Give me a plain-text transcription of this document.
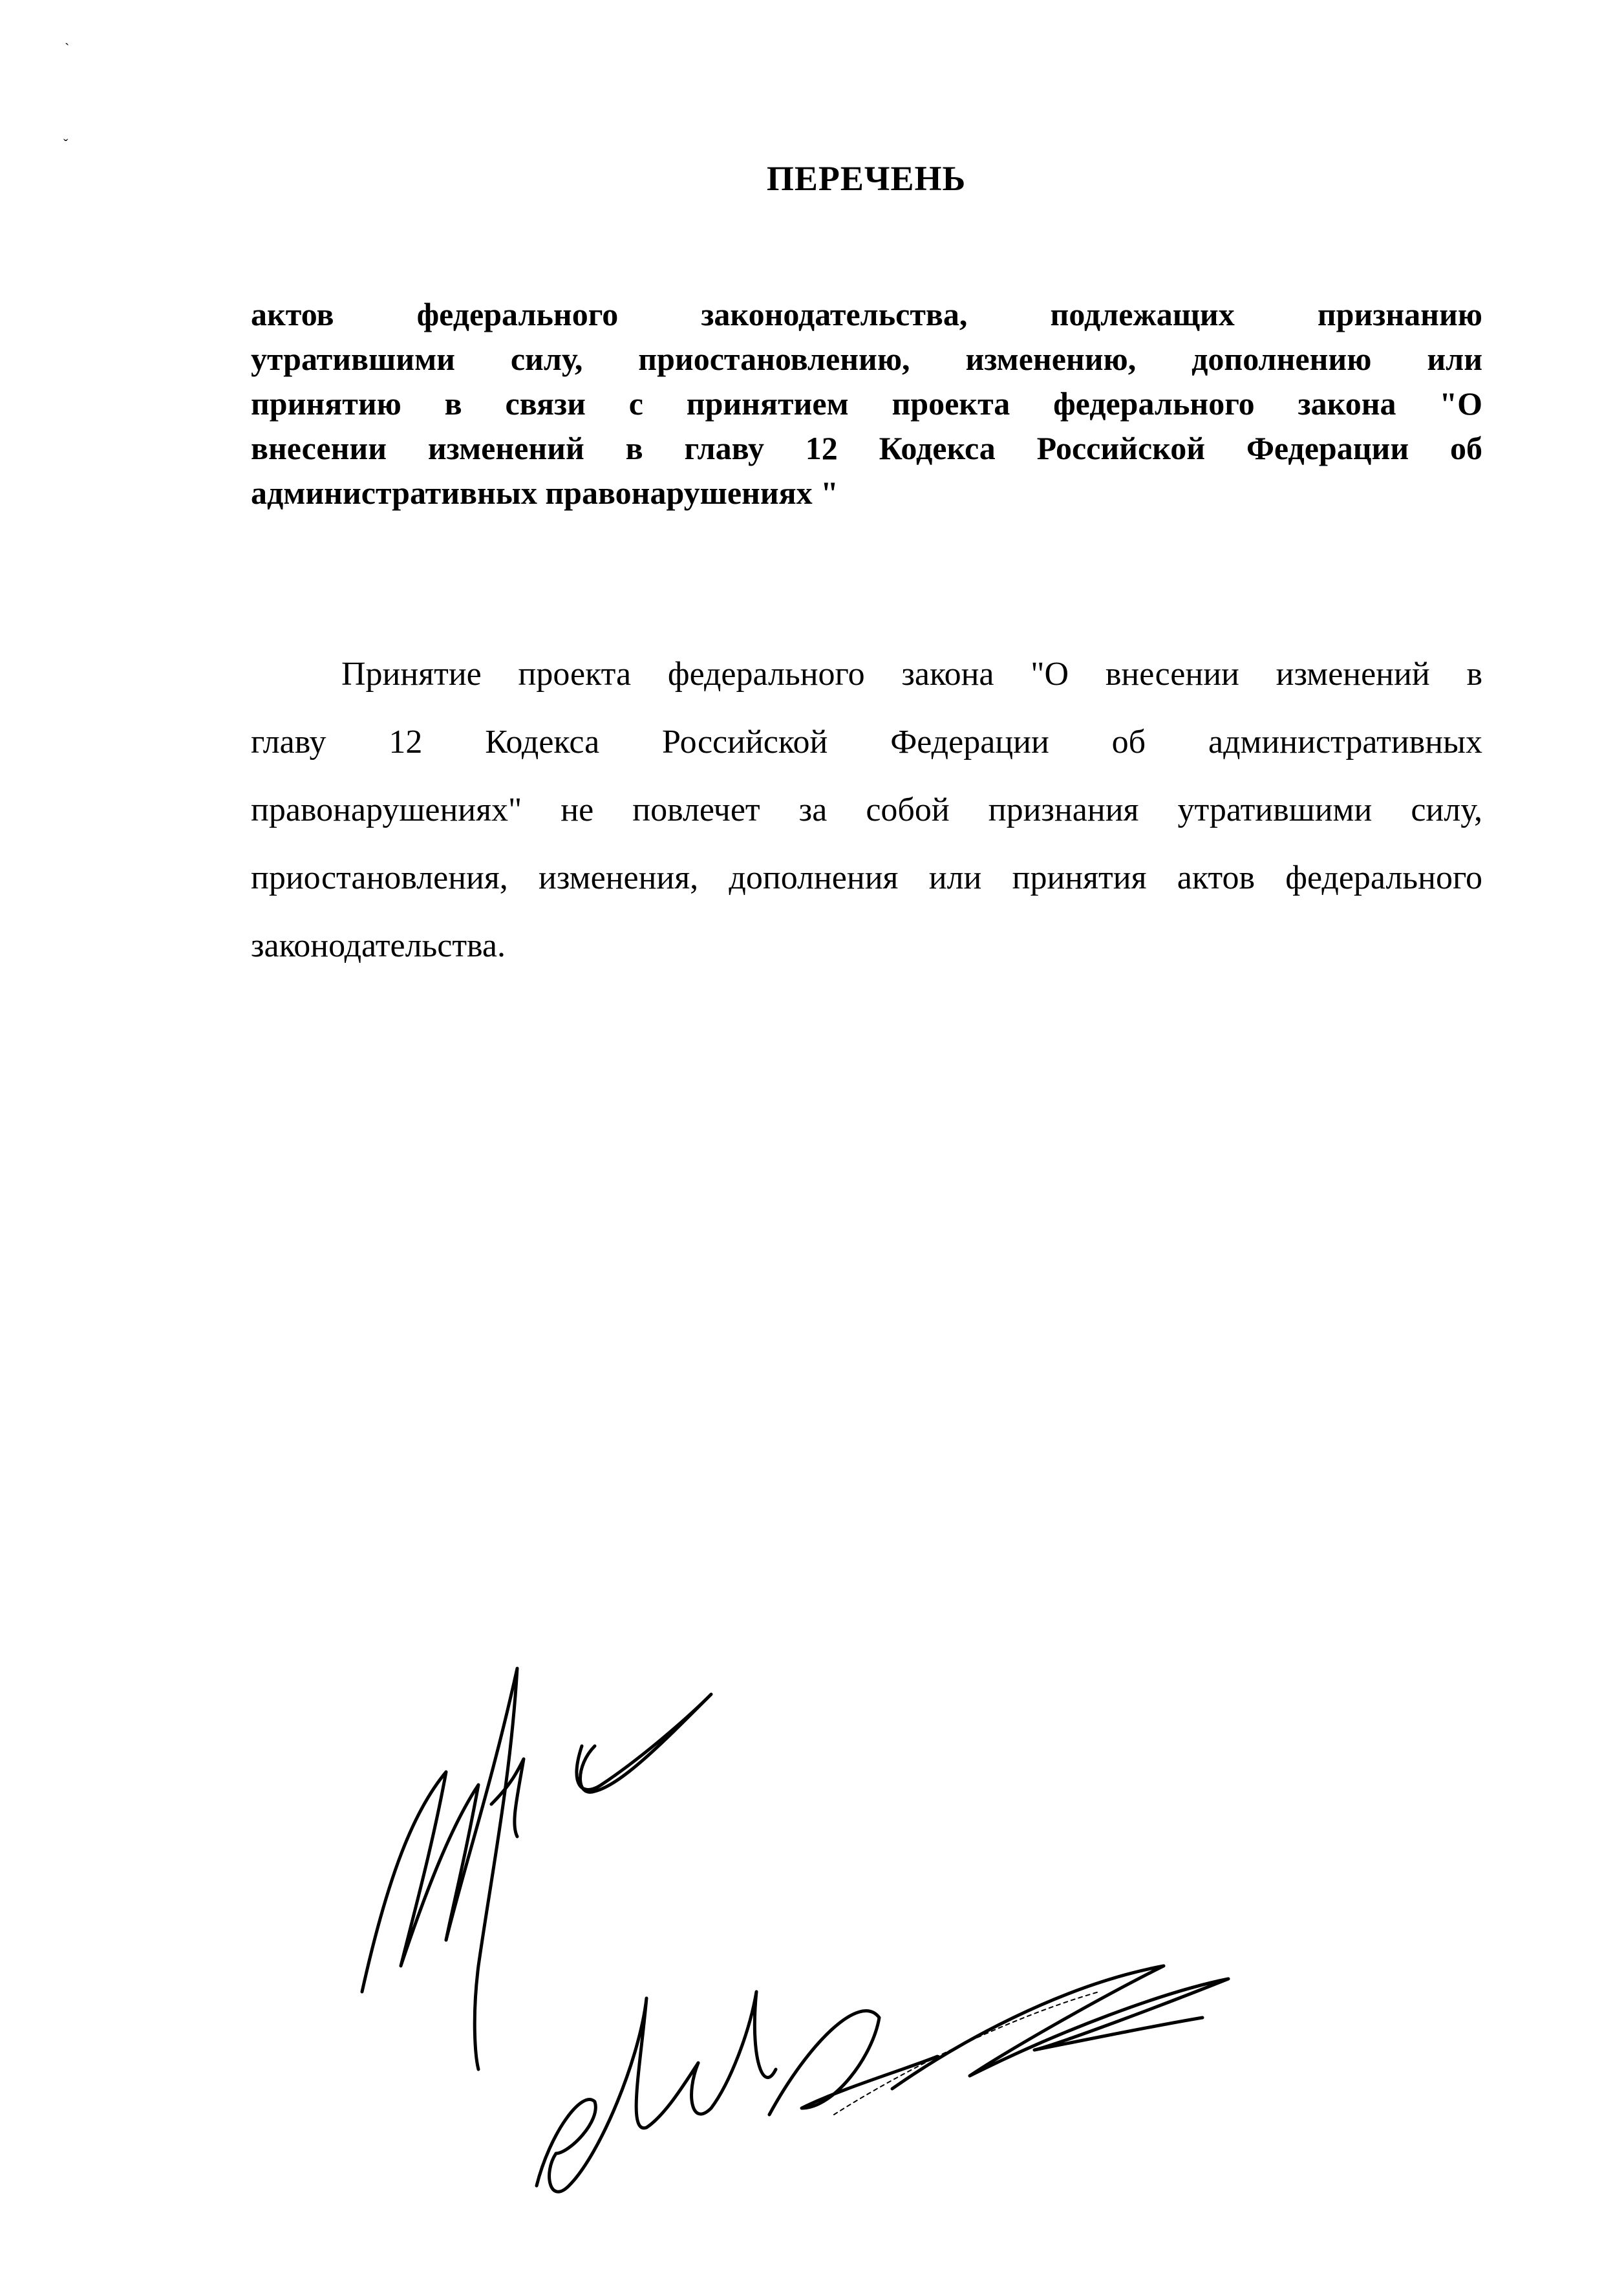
ˋ
ˇ
ПЕРЕЧЕНЬ
актов федерального законодательства, подлежащих признанию
утратившими силу, приостановлению, изменению, дополнению или
принятию в связи с принятием проекта федерального закона "О
внесении изменений в главу 12 Кодекса Российской Федерации об
административных правонарушениях "
Принятие проекта федерального закона "О внесении изменений в
главу 12 Кодекса Российской Федерации об административных
правонарушениях" не повлечет за собой признания утратившими силу,
приостановления, изменения, дополнения или принятия актов федерального
законодательства.
